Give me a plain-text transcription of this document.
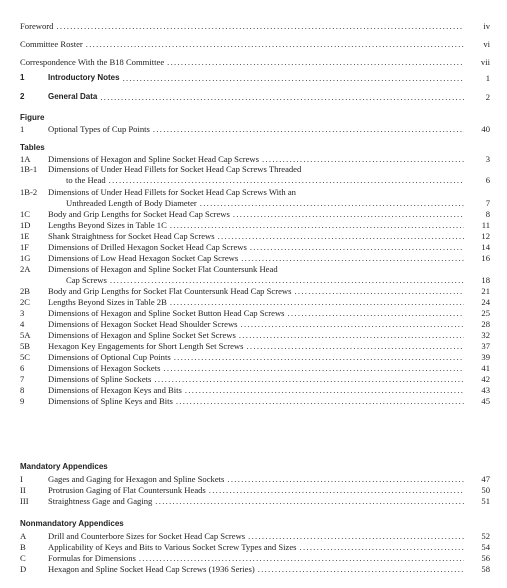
Figure
Tables
Mandatory Appendices
Nonmandatory Appendices
Foreword .....	iv
Committee Roster .....	vi
Correspondence With the B18 Committee .....	vii
1	Introductory Notes .....	1
2	General Data .....	2
1	Optional Types of Cup Points .....	40
1A	Dimensions of Hexagon and Spline Socket Head Cap Screws .....	3
1B-1	Dimensions of Under Head Fillets for Socket Head Cap Screws Threaded
to the Head .....	6
1B-2	Dimensions of Under Head Fillets for Socket Head Cap Screws With an
Unthreaded Length of Body Diameter .....	7
1C	Body and Grip Lengths for Socket Head Cap Screws .....	8
1D	Lengths Beyond Sizes in Table 1C .....	11
1E	Shank Straightness for Socket Head Cap Screws .....	12
1F	Dimensions of Drilled Hexagon Socket Head Cap Screws .....	14
1G	Dimensions of Low Head Hexagon Socket Cap Screws .....	16
2A	Dimensions of Hexagon and Spline Socket Flat Countersunk Head
Cap Screws .....	18
2B	Body and Grip Lengths for Socket Flat Countersunk Head Cap Screws .....	21
2C	Lengths Beyond Sizes in Table 2B .....	24
3	Dimensions of Hexagon and Spline Socket Button Head Cap Screws .....	25
4	Dimensions of Hexagon Socket Head Shoulder Screws .....	28
5A	Dimensions of Hexagon and Spline Socket Set Screws .....	32
5B	Hexagon Key Engagements for Short Length Set Screws .....	37
5C	Dimensions of Optional Cup Points .....	39
6	Dimensions of Hexagon Sockets .....	41
7	Dimensions of Spline Sockets .....	42
8	Dimensions of Hexagon Keys and Bits .....	43
9	Dimensions of Spline Keys and Bits .....	45
I	Gages and Gaging for Hexagon and Spline Sockets .....	47
II	Protrusion Gaging of Flat Countersunk Heads .....	50
III	Straightness Gage and Gaging .....	51
A	Drill and Counterbore Sizes for Socket Head Cap Screws .....	52
B	Applicability of Keys and Bits to Various Socket Screw Types and Sizes .....	54
C	Formulas for Dimensions .....	56
D	Hexagon and Spline Socket Head Cap Screws (1936 Series) .....	58
